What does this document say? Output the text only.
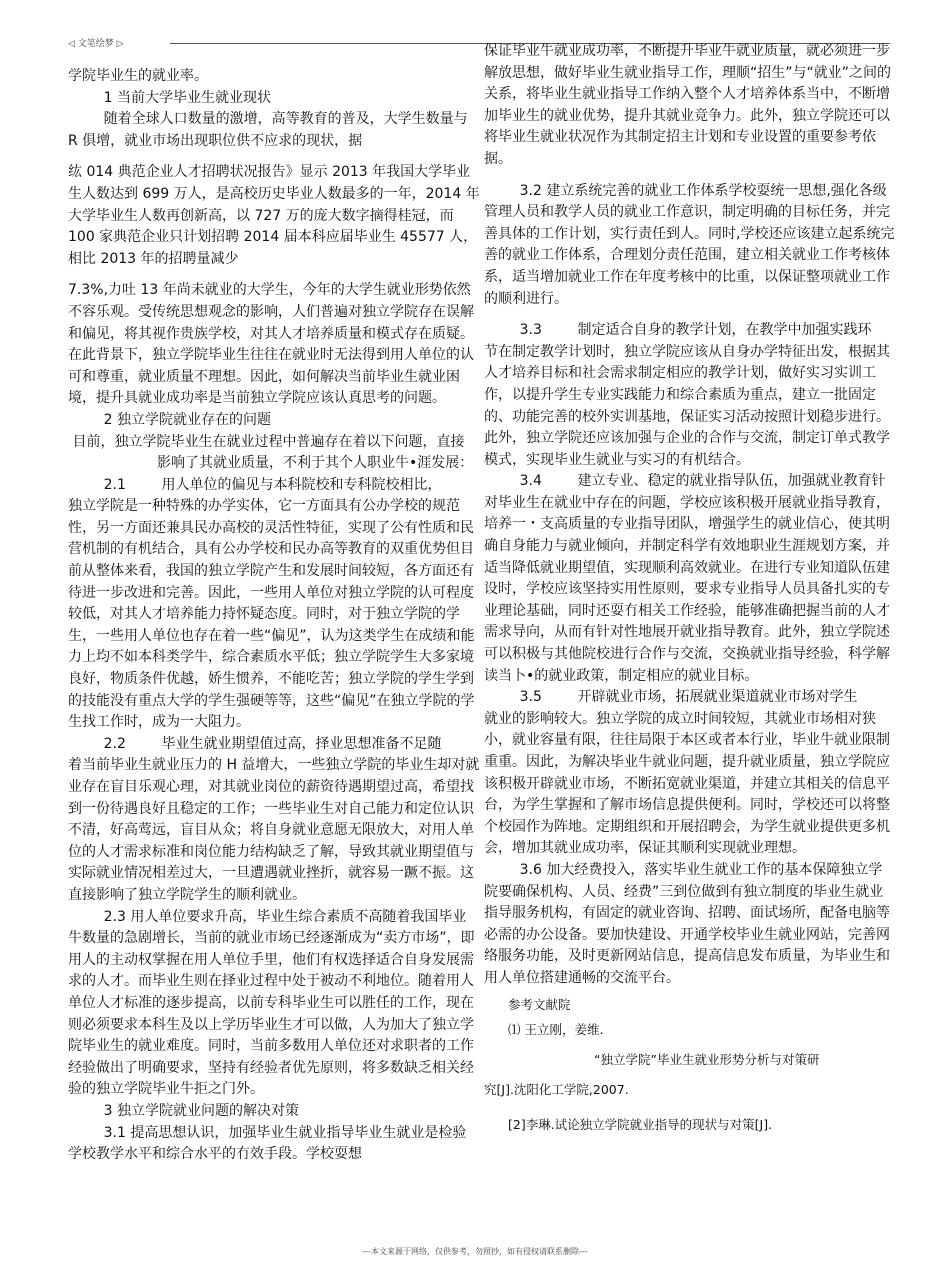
◁ 文笔绘梦 ▷

学院毕业生的就业率。

1 当前大学毕业生就业现状

随着全球人口数量的激增，高等教育的普及，大学生数量与 R 俱增，就业市场出现职位供不应求的现状，据

纮 014 典范企业人才招聘状况报告》显示 2013 年我国大学毕业生人数达到 699 万人，是高校历史毕业人数最多的一年，2014 年大学毕业生人数再创新高，以 727 万的庞大数字摘得桂冠，而 100 家典范企业只计划招聘 2014 届本科应届毕业生 45577 人，相比 2013 年的招聘量减少

7.3%,力吐 13 年尚未就业的大学生，今年的大学生就业形势依然不容乐观。受传统思想观念的影响，人们普遍对独立学院存在误解和偏见，将其视作贵族学校，对其人才培养质量和模式存在质疑。在此背景下，独立学院毕业生往往在就业时无法得到用人单位的认可和尊重，就业质量不理想。因此，如何解决当前毕业生就业困境，提升具就业成功率是当前独立学院应该认真思考的问题。

2 独立学院就业存在的问题

目前，独立学院毕业生在就业过程中普遍存在着以下问题，直接

影响了其就业质量，不利于其个人职业牛•涯发展：

2.1        用人单位的偏见与本科院校和专科院校相比，

独立学院是一种特殊的办学实体，它一方面具有公办学校的规范性，另一方面还兼具民办高校的灵活性特征，实现了公有性质和民营机制的有机结合，具有公办学校和民办高等教育的双重优势但目前从整体来看，我国的独立学院产生和发展时间较短，各方面还有待进一步改进和完善。因此，一些用人单位对独立学院的认可程度较低，对其人才培养能力持怀疑态度。同时，对于独立学院的学生，一些用人单位也存在着一些“偏见”，认为这类学生在成绩和能力上均不如本科类学牛，综合素质水平低；独立学院学生大多家境良好，物质条件优越，娇生惯养，不能吃苦；独立学院的学生学到的技能没有重点大学的学生强硬等等，这些“偏见”在独立学院的学生找工作时，成为一大阻力。

2.2        毕业生就业期望值过高，择业思想准备不足随

着当前毕业生就业压力的 H 益增大，一些独立学院的毕业生却对就业存在盲目乐观心理，对其就业岗位的薪资待遇期望过高，希望找到一份待遇良好且稳定的工作；一些毕业生对自己能力和定位认识不清，好高莺远，盲目从众；将自身就业意愿无限放大，对用人单位的人才需求标准和岗位能力结构缺乏了解，导致其就业期望值与实际就业情况相差过大，一旦遭遇就业挫折，就容易一蹶不振。这直接影响了独立学院学生的顺利就业。

2.3 用人单位要求升高，毕业生综合素质不高随着我国毕业牛数量的急剧增长，当前的就业市场已经逐渐成为“卖方市场”，即用人的主动权掌握在用人单位手里，他们有权选择适合自身发展需求的人才。而毕业生则在择业过程中处于被动不利地位。随着用人单位人才标准的逐步提高，以前专科毕业生可以胜任的工作，现在则必须要求本科生及以上学历毕业生才可以做，人为加大了独立学院毕业生的就业难度。同时，当前多数用人单位还对求职者的工作经验做出了明确要求，坚持有经验者优先原则，将多数缺乏相关经验的独立学院毕业牛拒之门外。

3 独立学院就业问题的解决对策

3.1 提高思想认识，加强毕业生就业指导毕业生就业是检验学校教学水平和综合水平的冇效手段。学校耍想

保证毕业牛就业成功率，不断提升毕业牛就业质量，就必须进一步解放思想，做好毕业生就业指导工作，理顺“招生”与“就业”之间的关系，将毕业生就业指导工作纳入整个人才培养体系当中，不断增加毕业生的就业优势，提升其就业竞争力。此外，独立学院还可以将毕业生就业状况作为其制定招主计划和专业设置的重要参考依据。

3.2 建立系统完善的就业工作体系学校耍统一思想,强化各级管理人员和教学人员的就业工作意识，制定明确的目标任务，并完善具体的工作计划，实行责任到人。同时,学校还应该建立起系统完善的就业工作体系，合理划分责任范围，建立相关就业工作考核体系，适当增加就业工作在年度考核中的比重，以保证整项就业工作的顺利进行。

3.3        制定适合自身的教学计划，在教学中加强实践环

节在制定教学计划时，独立学院应该从自身办学特征出发，根据其人才培养目标和社会需求制定相应的教学计划，做好实习实训工作，以提升学生专业实践能力和综合素质为重点，建立一批固定的、功能完善的校外实训基地，保证实习活动按照计划稳步进行。此外，独立学院还应该加强与企业的合作与交流，制定订单式教学模式，实现毕业生就业与实习的有机结合。

3.4        建立专业、稳定的就业指导队伍，加强就业教育针对毕业生在就业中存在的问题，学校应该积极开展就业指导教育，培养一・支高质量的专业指导团队，增强学生的就业信心，使其明确自身能力与就业倾向，并制定科学有效地职业生涯规划方案，并适当降低就业期望值，实现顺利高效就业。在进行专业知道队伍建设时，学校应该坚持实用性原则，要求专业指导人员具备扎实的专业理论基础，同时还耍冇相关工作经验，能够准确把握当前的人才需求导向，从而有针对性地展开就业指导教育。此外，独立学院述可以积极与其他院校进行合作与交流，交换就业指导经验，科学解读当卜•的就业政策，制定相应的就业目标。

3.5        开辟就业市场，拓展就业渠道就业市场对学生

就业的影响较大。独立学院的成立时间较短，其就业市场相对狭小，就业容量有限，往往局限于本区或者本行业，毕业牛就业限制重重。因此，为解决毕业牛就业问题，提升就业质量，独立学院应该积极开辟就业市场，不断拓宽就业渠道，并建立其相关的信息平台，为学生掌握和了解市场信息提供便利。同时，学校还可以将整个校园作为阵地。定期组织和开展招聘会，为学生就业提供更多机会，增加其就业成功率，保证其顺利实现就业理想。

3.6 加大经费投入，落实毕业生就业工作的基本保障独立学院要确保机构、人员、经费”三到位做到有独立制度的毕业生就业指导服务机构，有固定的就业咨询、招聘、面试场所，配备电脑等必需的办公设备。要加快建设、开通学校毕业生就业网站，完善网络服务功能，及时更新网站信息，提高信息发布质量，为毕业生和用人单位搭建通畅的交流平台。

参考文献院

⑴ 王立刚，姜维.

“独立学院”毕业生就业形势分析与对策研

究[J].沈阳化工学院,2007.

[2]李琳.试论独立学院就业指导的现状与对策[J].

---本文来源于网络，仅供参考，勿照抄，如有侵权请联系删除---
